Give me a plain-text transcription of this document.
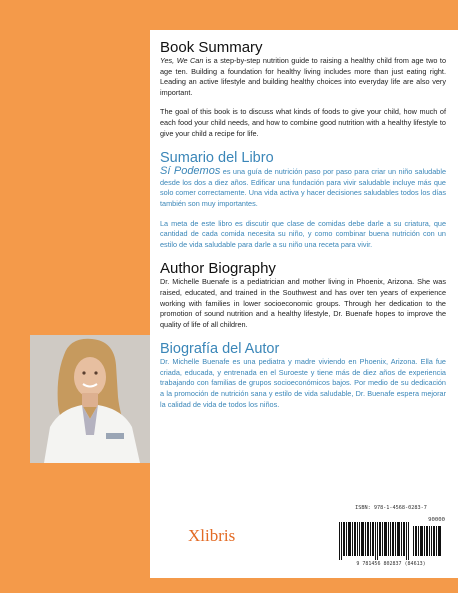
Book Summary

Yes, We Can is a step-by-step nutrition guide to raising a healthy child from age two to age ten. Building a foundation for healthy living includes more than just eating right. Leading an active lifestyle and building healthy choices into everyday life are also very important.

The goal of this book is to discuss what kinds of foods to give your child, how much of each food your child needs, and how to combine good nutrition with a healthy lifestyle to give your child a recipe for life.

Sumario del Libro

Sí Podemos es una guía de nutrición paso por paso para criar un niño saludable desde los dos a diez años. Edificar una fundación para vivir saludable incluye más que solo comer correctamente. Una vida activa y hacer decisiones saludables todos los días también son muy importantes.

La meta de este libro es discutir que clase de comidas debe darle a su criatura, que cantidad de cada comida necesita su niño, y como combinar buena nutrición con un estilo de vida saludable para darle a su niño una receta para vivir.

Author Biography

Dr. Michelle Buenafe is a pediatrician and mother living in Phoenix, Arizona. She was raised, educated, and trained in the Southwest and has over ten years of experience working with families in lower socioeconomic groups. Through her dedication to the promotion of sound nutrition and a healthy lifestyle, Dr. Buenafe hopes to improve the quality of life of all children.

Biografía del Autor

Dr. Michelle Buenafe es una pediatra y madre viviendo en Phoenix, Arizona. Ella fue criada, educada, y entrenada en el Suroeste y tiene más de diez años de experiencia trabajando con familias de grupos socioeconómicos bajos. Por medio de su dedicación a la promoción de nutrición sana y estilo de vida saludable, Dr. Buenafe espera mejorar la calidad de vida de todos los niños.

ISBN: 978-1-4568-0283-7
90000
9 781456 802837 (84613)
Xlibris
